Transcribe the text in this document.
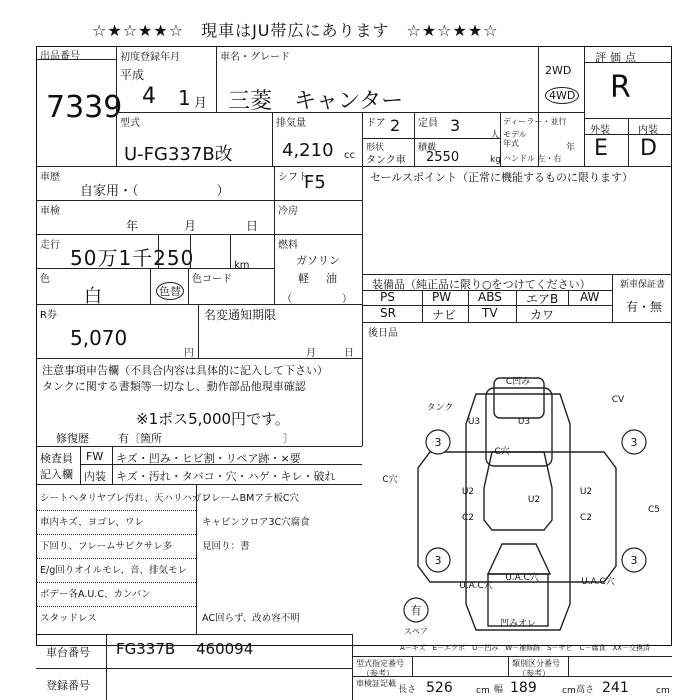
☆★☆★★☆　現車はJU帯広にあります　☆★☆★★☆
出品番号
7339
初度登録年月
平成
4 1 月
車名・グレード
三菱　キャンター
2WD
4WD
評価点
R
型式
U-FG337B改
排気量
4,210 cc
ドア 2 定員 3
人
形状
タンク車
積載
2550	kg
ディーラー・並行
モデル年式	年
ハンドル 左・右
外装	内装
E D
車歴
自家用・（　　　　　　）
シフト
F5	セールスポイント（正常に機能するものに限ります）
車検
年	月	日
冷房
走行
50万1千250	km
燃料
ガソリン
軽 油
（　　　　　）
色
白	色替
色コード	装備品（純正品に限り○をつけてください）	新車保証書
有・無
PS	PW ABS エアB AW
SR	ナビ TV	カワ
R券
5,070
円
名変通知期限
月	日
後日品
注意事項申告欄（不具合内容は具体的に記入して下さい）
タンクに関する書類等一切なし、動作部品他現車確認
※1ポス5,000円です。
修復歴	有〔箇所　　　　　　　　　　　〕
検査員
記入欄
FW キズ・凹み・ヒビ割・リペア跡・×要
内装 キズ・汚れ・タバコ・穴・ハゲ・キレ・破れ
シートヘタリヤブレ汚れ、天ハリハガレ
車内キズ、ヨゴレ、ワレ
下回り、フレームサビクサレ多
E/g回りオイルモレ、音、排気モレ
ボデー各A.U.C、カンバン
スタッドレス
フレームBMアテ板C穴
キャビンフロア3C穴腐食
見回り：書
AC回らず、改め容不明
3	3
3	3
有
スペア
C凹み
凹みオレ
タンク
CV
C5
C穴
C穴
U3	U3
U2
U2
U2
C2	C2
U.A.C穴
U.A.C穴	U.A.C穴
A－キズ　E－エクボ　U－凹み　W－補修跡　S－サビ　C－腐食　XX－交換済
車台番号 FG337B 460094
登録番号
型式指定番号
（参考）
類別区分番号
（参考）
車検証記載
長さ 526	cm 幅 189	cm 高さ 241	cm
